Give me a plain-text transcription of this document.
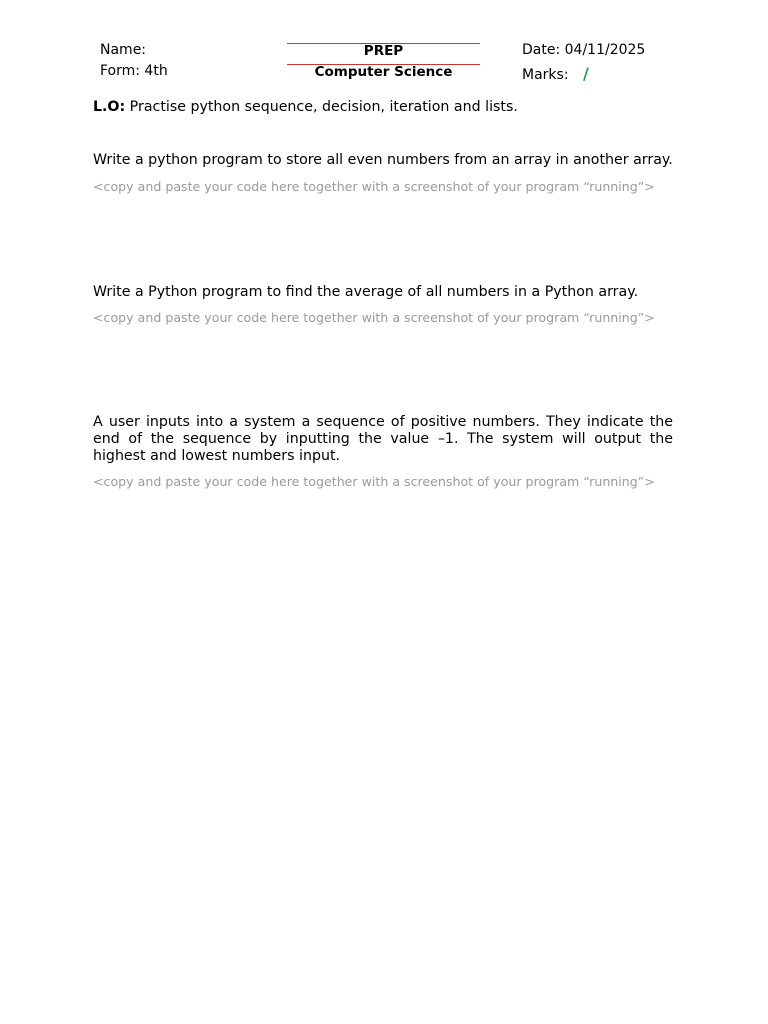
Name:
Form: 4th
PREP
Computer Science
Date: 04/11/2025
Marks: /
L.O: Practise python sequence, decision, iteration and lists.
Write a python program to store all even numbers from an array in another array.
<copy and paste your code here together with a screenshot of your program “running”>
Write a Python program to find the average of all numbers in a Python array.
<copy and paste your code here together with a screenshot of your program “running”>
A user inputs into a system a sequence of positive numbers. They indicate the end of the sequence by inputting the value –1. The system will output the highest and lowest numbers input.
<copy and paste your code here together with a screenshot of your program “running”>
